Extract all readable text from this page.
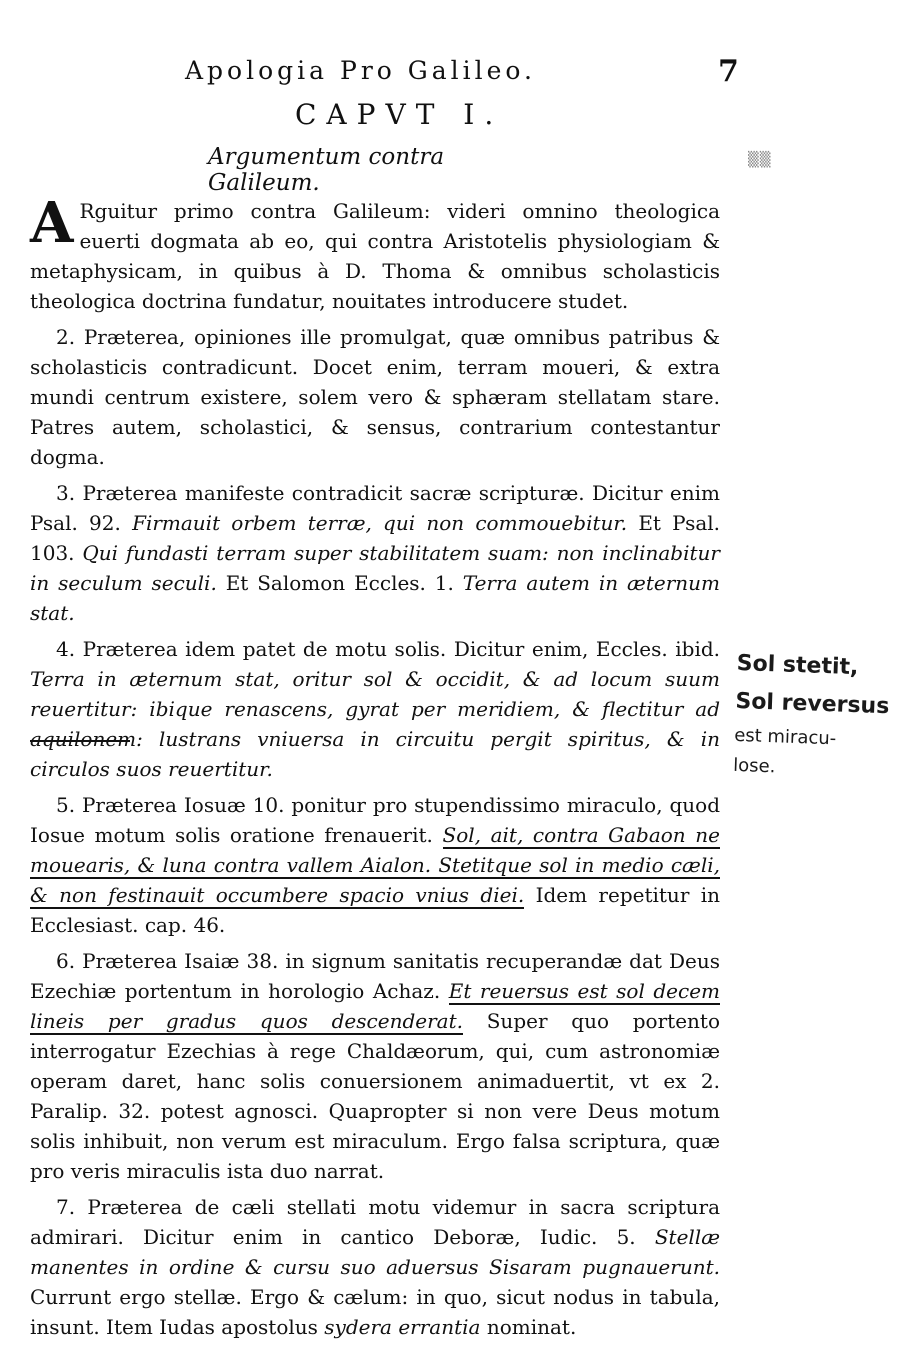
Apologia Pro Galileo.	7
CAPVT I.
Argumentum contra Galileum.
▒▒

A Rguitur primo contra Galileum: videri omnino theologica euerti dogmata ab eo, qui contra Aristotelis physiologiam & metaphysicam, in quibus à D. Thoma & omnibus scholasticis theologica doctrina fundatur, nouitates introducere studet.

2. Præterea, opiniones ille promulgat, quæ omnibus patribus & scholasticis contradicunt. Docet enim, terram moueri, & extra mundi centrum existere, solem vero & sphæram stellatam stare. Patres autem, scholastici, & sensus, contrarium contestantur dogma.

3. Præterea manifeste contradicit sacræ scripturæ. Dicitur enim Psal. 92. Firmauit orbem terræ, qui non commouebitur. Et Psal. 103. Qui fundasti terram super stabilitatem suam: non inclinabitur in seculum seculi. Et Salomon Eccles. 1. Terra autem in æternum stat.

4. Præterea idem patet de motu solis. Dicitur enim, Eccles. ibid. Terra in æternum stat, oritur sol & occidit, & ad locum suum reuertitur: ibique renascens, gyrat per meridiem, & flectitur ad aquilonem: lustrans vniuersa in circuitu pergit spiritus, & in circulos suos reuertitur.

5. Præterea Iosuæ 10. ponitur pro stupendissimo miraculo, quod Iosue motum solis oratione frenauerit. Sol, ait, contra Gabaon ne mouearis, & luna contra vallem Aialon. Stetitque sol in medio cæli, & non festinauit occumbere spacio vnius diei. Idem repetitur in Ecclesiast. cap. 46.

6. Præterea Isaiæ 38. in signum sanitatis recuperandæ dat Deus Ezechiæ portentum in horologio Achaz. Et reuersus est sol decem lineis per gradus quos descenderat. Super quo portento interrogatur Ezechias à rege Chaldæorum, qui, cum astronomiæ operam daret, hanc solis conuersionem animaduertit, vt ex 2. Paralip. 32. potest agnosci. Quapropter si non vere Deus motum solis inhibuit, non verum est miraculum. Ergo falsa scriptura, quæ pro veris miraculis ista duo narrat.

7. Præterea de cæli stellati motu videmur in sacra scriptura admirari. Dicitur enim in cantico Deboræ, Iudic. 5. Stellæ manentes in ordine & cursu suo aduersus Sisaram pugnauerunt. Currunt ergo stellæ. Ergo & cælum: in quo, sicut nodus in tabula, insunt. Item Iudas apostolus sydera errantia nominat.

Sol stetit,
Sol reversus
est miracu-
lose.
